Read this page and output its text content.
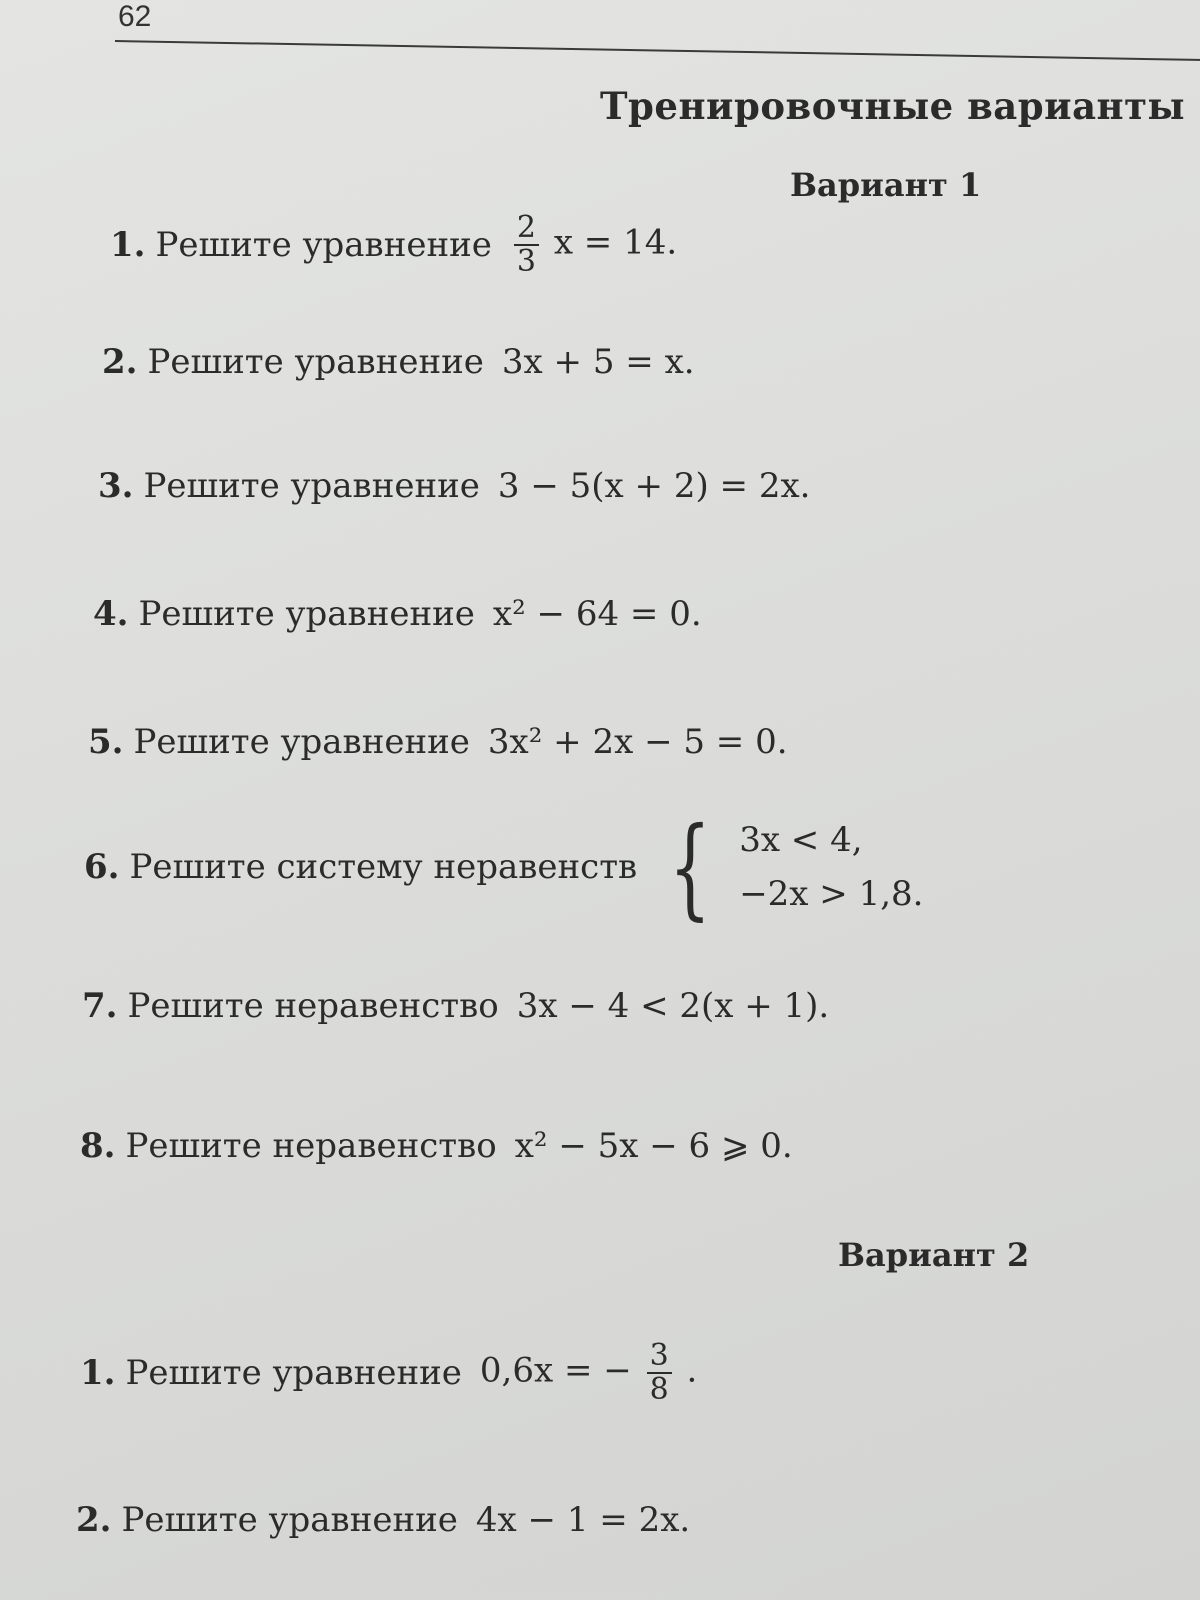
62
Тренировочные варианты
Вариант 1
1. Решите уравнение $\frac{2}{3}$ x = 14.
2. Решите уравнение 3x + 5 = x.
3. Решите уравнение 3 − 5(x + 2) = 2x.
4. Решите уравнение x² − 64 = 0.
5. Решите уравнение 3x² + 2x − 5 = 0.
6. Решите систему неравенств { 3x < 4,
−2x > 1,8.
7. Решите неравенство 3x − 4 < 2(x + 1).
8. Решите неравенство x² − 5x − 6 ⩾ 0.
Вариант 2
1. Решите уравнение 0,6x = − $\frac{3}{8}$ .
2. Решите уравнение 4x − 1 = 2x.
